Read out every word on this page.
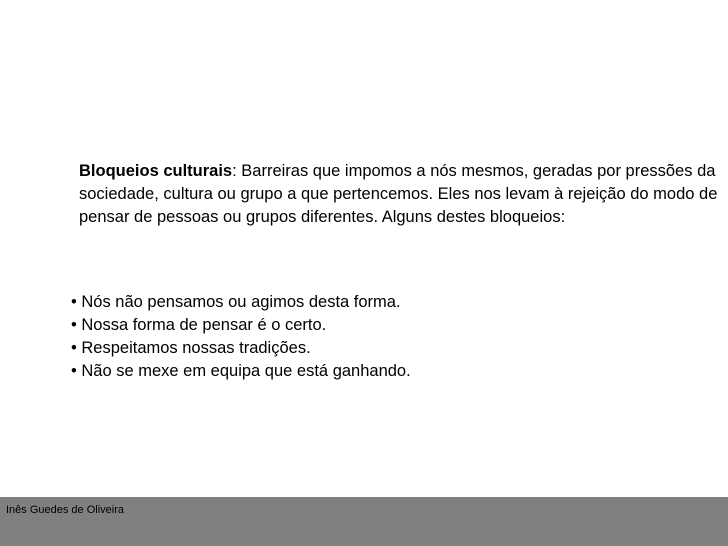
Bloqueios culturais: Barreiras que impomos a nós mesmos, geradas por pressões da sociedade, cultura ou grupo a que pertencemos. Eles nos levam à rejeição do modo de pensar de pessoas ou grupos diferentes. Alguns destes bloqueios:

• Nós não pensamos ou agimos desta forma.
• Nossa forma de pensar é o certo.
• Respeitamos nossas tradições.
• Não se mexe em equipa que está ganhando.
Inês Guedes de Oliveira
